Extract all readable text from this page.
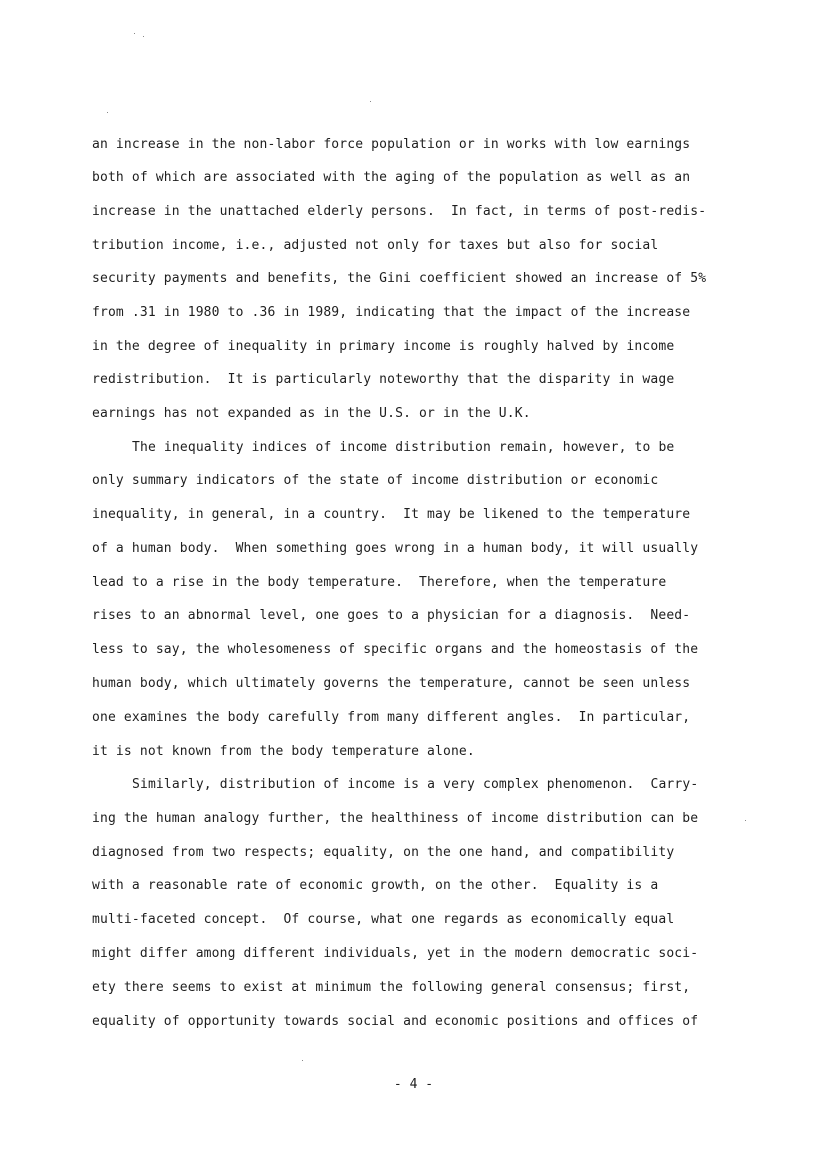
an increase in the non-labor force population or in works with low earnings
both of which are associated with the aging of the population as well as an
increase in the unattached elderly persons.  In fact, in terms of post-redis-
tribution income, i.e., adjusted not only for taxes but also for social
security payments and benefits, the Gini coefficient showed an increase of 5%
from .31 in 1980 to .36 in 1989, indicating that the impact of the increase
in the degree of inequality in primary income is roughly halved by income
redistribution.  It is particularly noteworthy that the disparity in wage
earnings has not expanded as in the U.S. or in the U.K.
The inequality indices of income distribution remain, however, to be
only summary indicators of the state of income distribution or economic
inequality, in general, in a country.  It may be likened to the temperature
of a human body.  When something goes wrong in a human body, it will usually
lead to a rise in the body temperature.  Therefore, when the temperature
rises to an abnormal level, one goes to a physician for a diagnosis.  Need-
less to say, the wholesomeness of specific organs and the homeostasis of the
human body, which ultimately governs the temperature, cannot be seen unless
one examines the body carefully from many different angles.  In particular,
it is not known from the body temperature alone.
Similarly, distribution of income is a very complex phenomenon.  Carry-
ing the human analogy further, the healthiness of income distribution can be
diagnosed from two respects; equality, on the one hand, and compatibility
with a reasonable rate of economic growth, on the other.  Equality is a
multi-faceted concept.  Of course, what one regards as economically equal
might differ among different individuals, yet in the modern democratic soci-
ety there seems to exist at minimum the following general consensus; first,
equality of opportunity towards social and economic positions and offices of
- 4 -
